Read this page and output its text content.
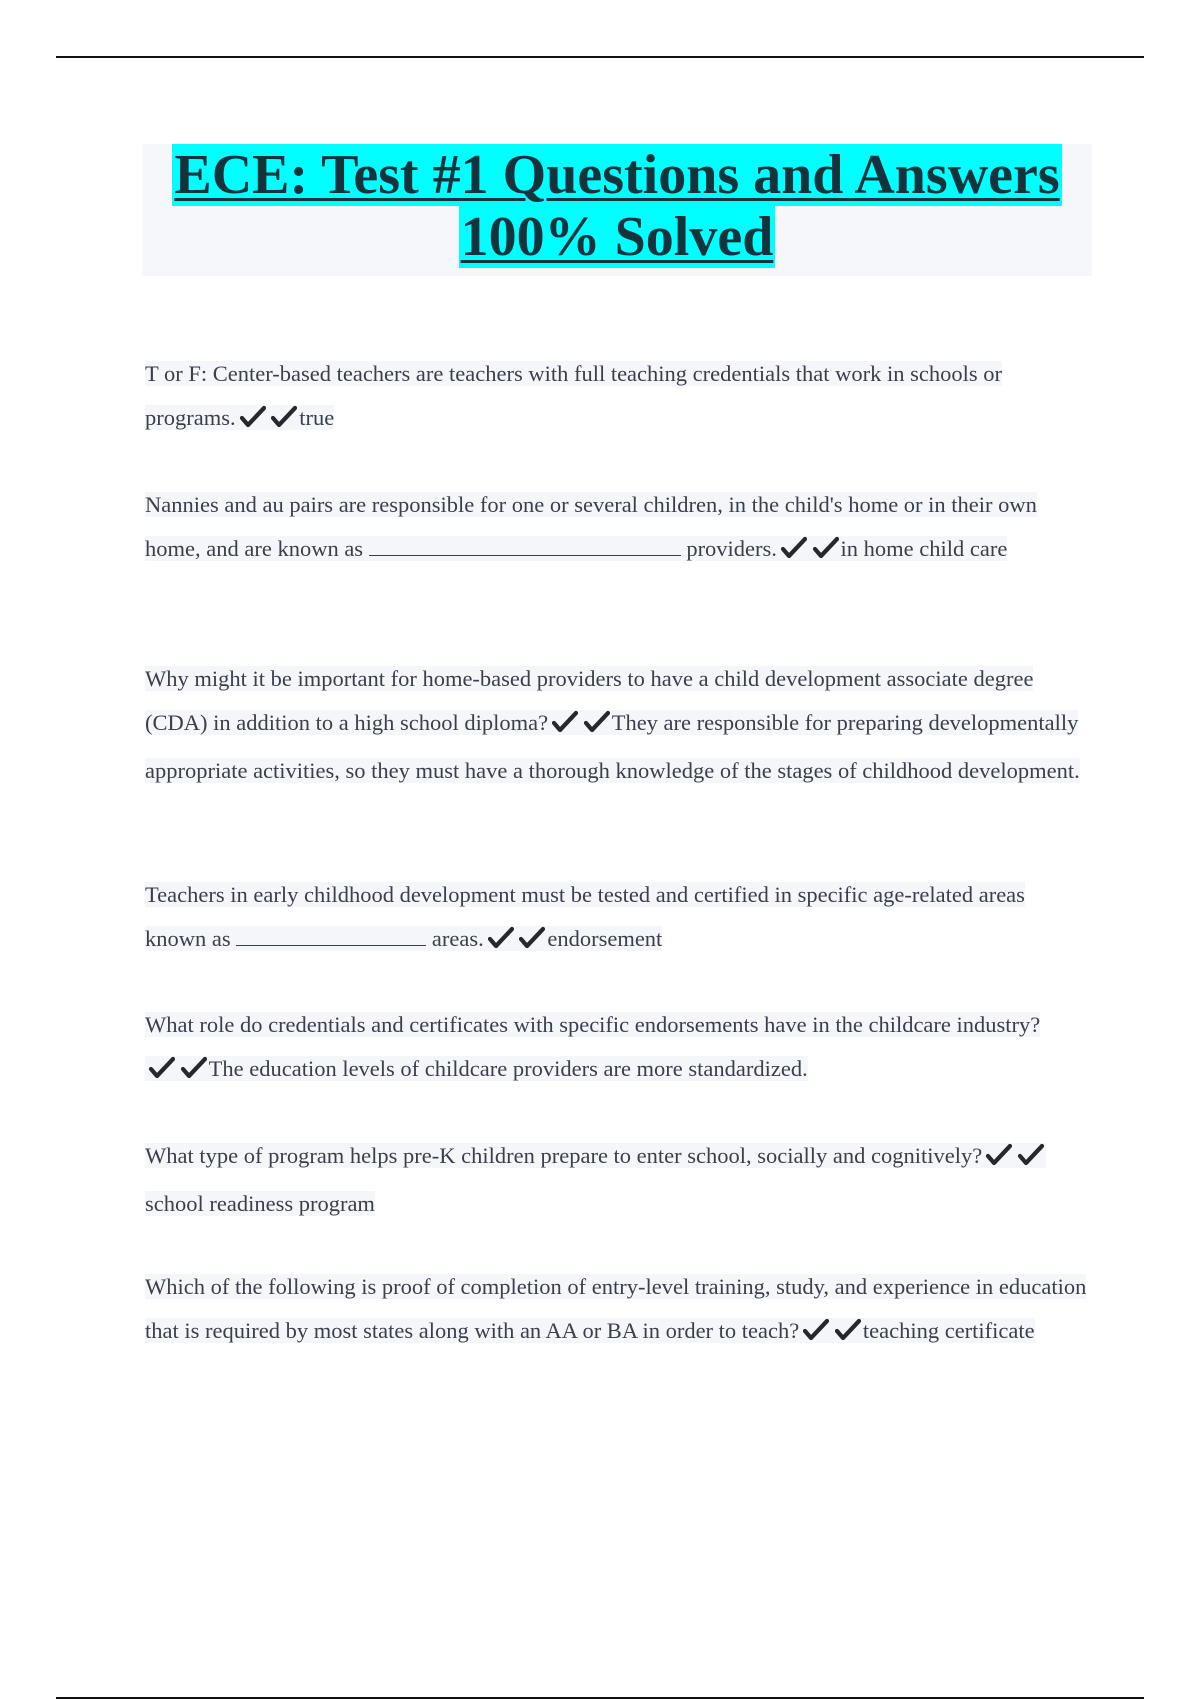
ECE: Test #1 Questions and Answers
100% Solved
T or F: Center-based teachers are teachers with full teaching credentials that work in schools or programs.	true
Nannies and au pairs are responsible for one or several children, in the child's home or in their own home, and are known as	providers.	in home child care
Why might it be important for home-based providers to have a child development associate degree (CDA) in addition to a high school diploma?	They are responsible for preparing developmentally appropriate activities, so they must have a thorough knowledge of the stages of childhood development.
Teachers in early childhood development must be tested and certified in specific age-related areas known as	areas.	endorsement
What role do credentials and certificates with specific endorsements have in the childcare industry? The education levels of childcare providers are more standardized.
What type of program helps pre-K children prepare to enter school, socially and cognitively? school readiness program
Which of the following is proof of completion of entry-level training, study, and experience in education that is required by most states along with an AA or BA in order to teach?	teaching certificate
